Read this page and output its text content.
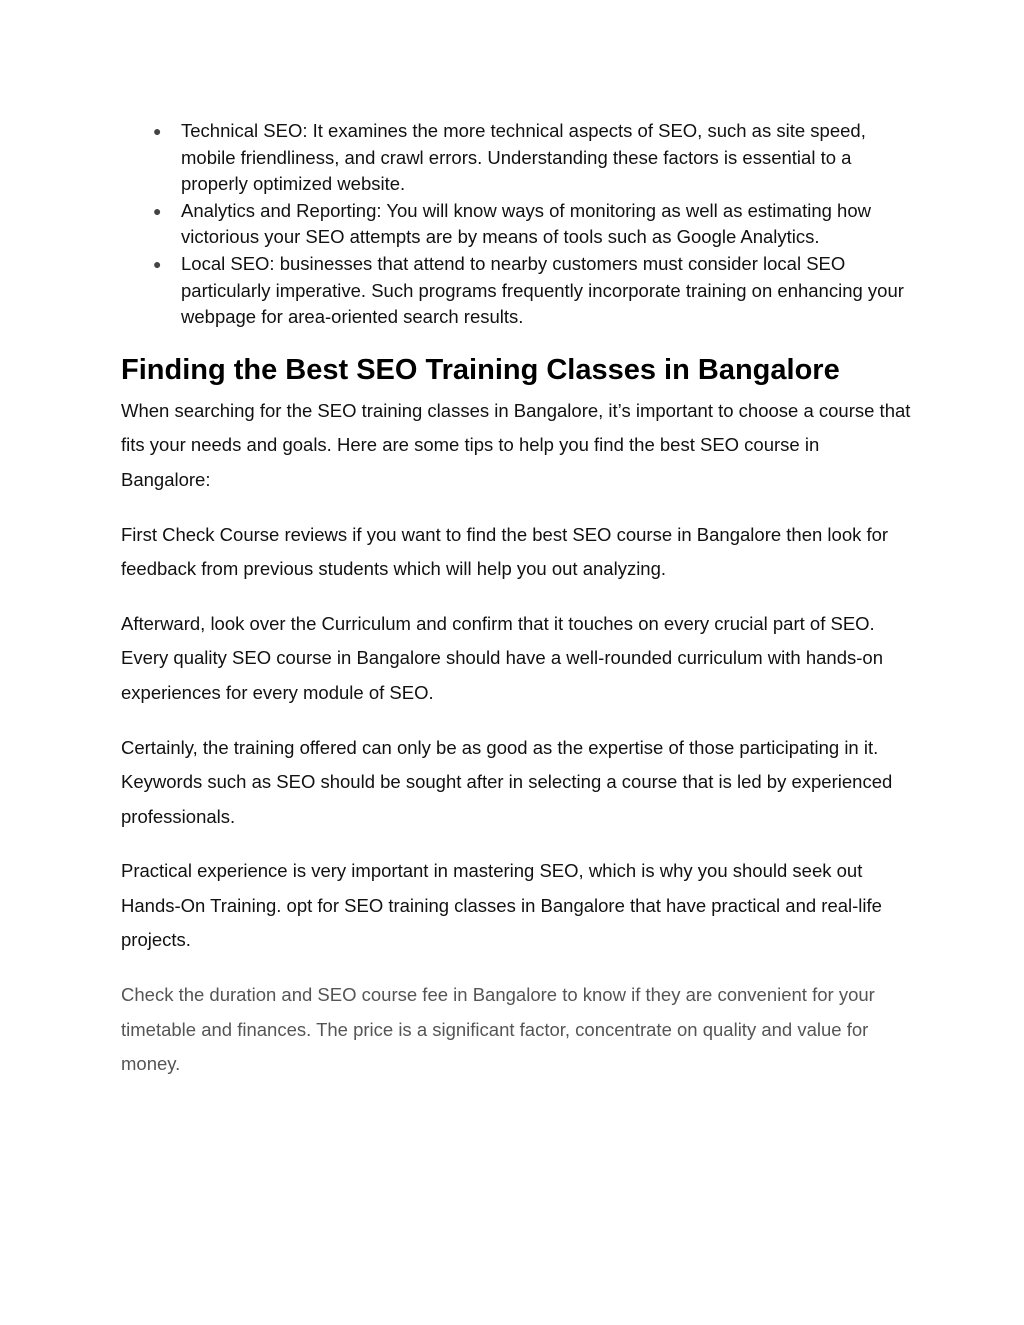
● Technical SEO: It examines the more technical aspects of SEO, such as site speed, mobile friendliness, and crawl errors. Understanding these factors is essential to a properly optimized website.
● Analytics and Reporting: You will know ways of monitoring as well as estimating how victorious your SEO attempts are by means of tools such as Google Analytics.
● Local SEO: businesses that attend to nearby customers must consider local SEO particularly imperative. Such programs frequently incorporate training on enhancing your webpage for area-oriented search results.
Finding the Best SEO Training Classes in Bangalore

When searching for the SEO training classes in Bangalore, it’s important to choose a course that fits your needs and goals. Here are some tips to help you find the best SEO course in Bangalore:

First Check Course reviews if you want to find the best SEO course in Bangalore then look for feedback from previous students which will help you out analyzing.

Afterward, look over the Curriculum and confirm that it touches on every crucial part of SEO. Every quality SEO course in Bangalore should have a well-rounded curriculum with hands-on experiences for every module of SEO.

Certainly, the training offered can only be as good as the expertise of those participating in it. Keywords such as SEO should be sought after in selecting a course that is led by experienced professionals.

Practical experience is very important in mastering SEO, which is why you should seek out Hands-On Training. opt for SEO training classes in Bangalore that have practical and real-life projects.

Check the duration and SEO course fee in Bangalore to know if they are convenient for your timetable and finances. The price is a significant factor, concentrate on quality and value for money.
